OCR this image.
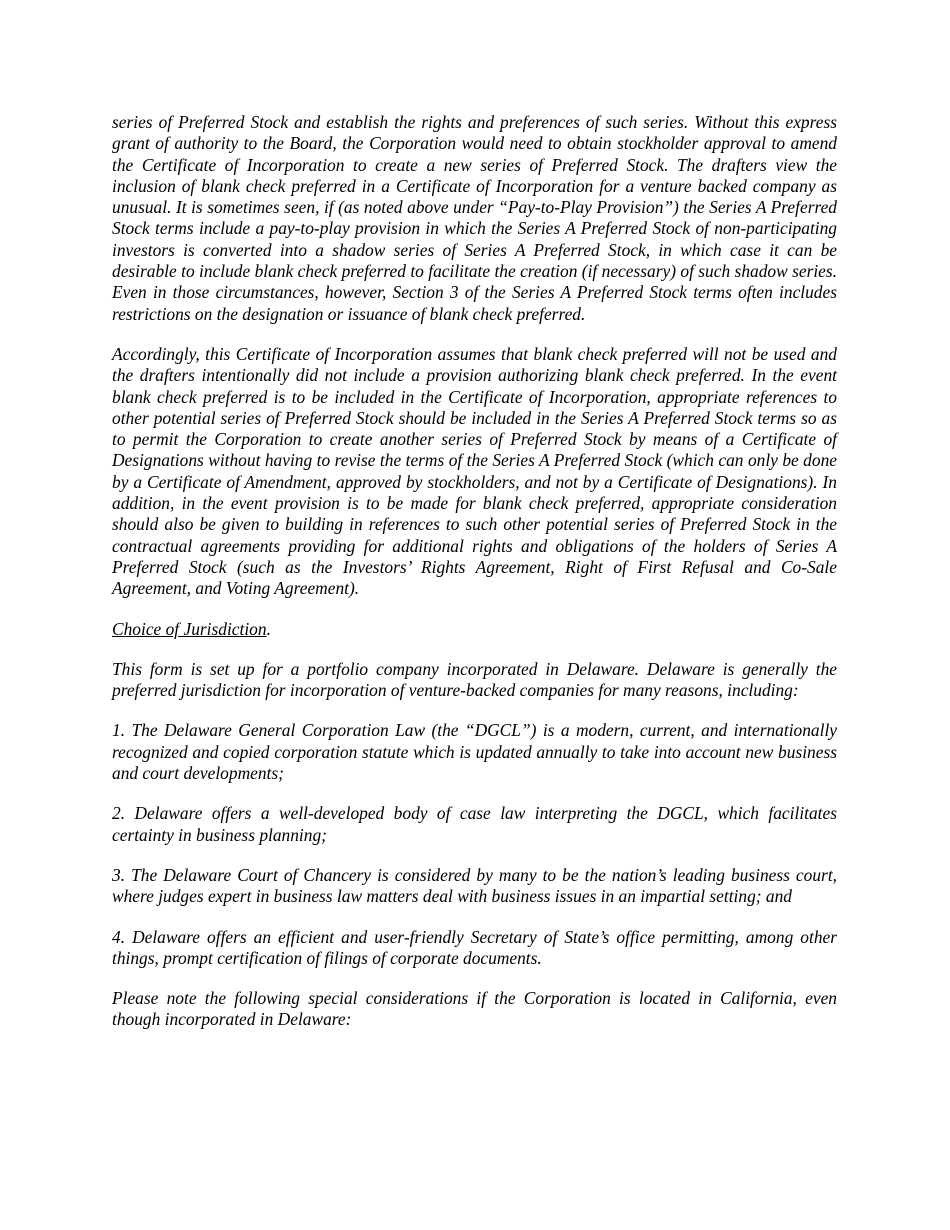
series of Preferred Stock and establish the rights and preferences of such series. Without this express grant of authority to the Board, the Corporation would need to obtain stockholder approval to amend the Certificate of Incorporation to create a new series of Preferred Stock. The drafters view the inclusion of blank check preferred in a Certificate of Incorporation for a venture backed company as unusual. It is sometimes seen, if (as noted above under “Pay-to-Play Provision”) the Series A Preferred Stock terms include a pay-to-play provision in which the Series A Preferred Stock of non-participating investors is converted into a shadow series of Series A Preferred Stock, in which case it can be desirable to include blank check preferred to facilitate the creation (if necessary) of such shadow series. Even in those circumstances, however, Section 3 of the Series A Preferred Stock terms often includes restrictions on the designation or issuance of blank check preferred.

Accordingly, this Certificate of Incorporation assumes that blank check preferred will not be used and the drafters intentionally did not include a provision authorizing blank check preferred. In the event blank check preferred is to be included in the Certificate of Incorporation, appropriate references to other potential series of Preferred Stock should be included in the Series A Preferred Stock terms so as to permit the Corporation to create another series of Preferred Stock by means of a Certificate of Designations without having to revise the terms of the Series A Preferred Stock (which can only be done by a Certificate of Amendment, approved by stockholders, and not by a Certificate of Designations). In addition, in the event provision is to be made for blank check preferred, appropriate consideration should also be given to building in references to such other potential series of Preferred Stock in the contractual agreements providing for additional rights and obligations of the holders of Series A Preferred Stock (such as the Investors’ Rights Agreement, Right of First Refusal and Co-Sale Agreement, and Voting Agreement).

Choice of Jurisdiction.

This form is set up for a portfolio company incorporated in Delaware. Delaware is generally the preferred jurisdiction for incorporation of venture-backed companies for many reasons, including:

1. The Delaware General Corporation Law (the “DGCL”) is a modern, current, and internationally recognized and copied corporation statute which is updated annually to take into account new business and court developments;

2. Delaware offers a well-developed body of case law interpreting the DGCL, which facilitates certainty in business planning;

3. The Delaware Court of Chancery is considered by many to be the nation’s leading business court, where judges expert in business law matters deal with business issues in an impartial setting; and

4. Delaware offers an efficient and user-friendly Secretary of State’s office permitting, among other things, prompt certification of filings of corporate documents.

Please note the following special considerations if the Corporation is located in California, even though incorporated in Delaware:
